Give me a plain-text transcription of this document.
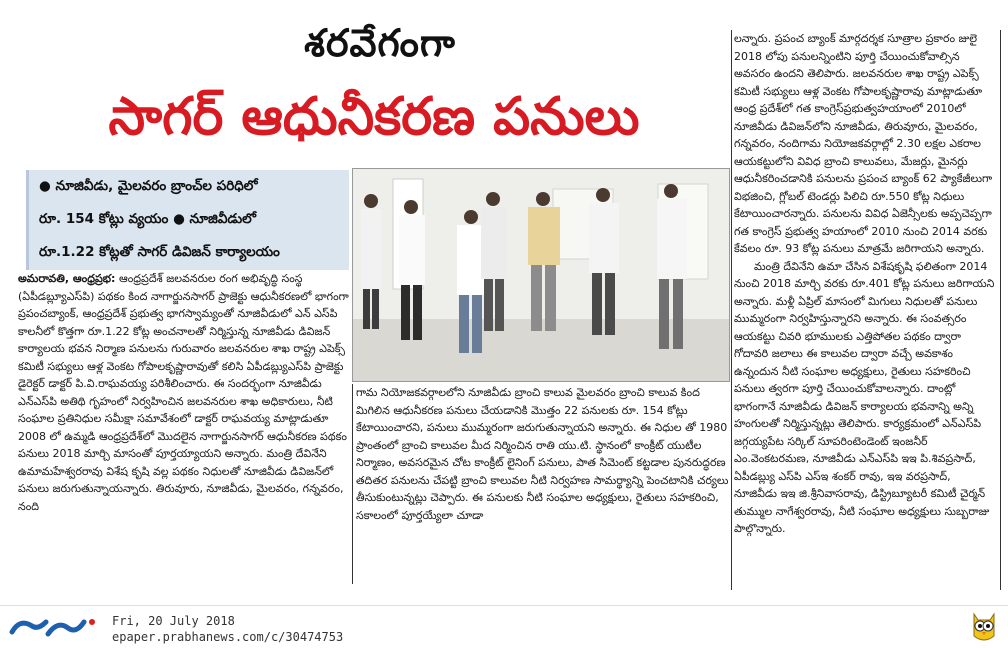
శరవేగంగా
సాగర్ ఆధునీకరణ పనులు
● నూజివీడు, మైలవరం బ్రాంచ్‌ల పరిధిలో
రూ. 154 కోట్లు వ్యయం ● నూజివీడులో
రూ.1.22 కోట్లతో సాగర్ డివిజన్ కార్యాలయం

అమరావతి, ఆంధ్రప్రభ: ఆంధ్రప్రదేశ్ జలవనరుల రంగ అభివృద్ధి సంస్థ (ఏపీడబ్ల్యూఎస్‌పి) పథకం కింద నాగార్జునసాగర్ ప్రాజెక్టు ఆధునీకరణలో భాగంగా ప్రపంచబ్యాంక్, ఆంధ్రప్రదేశ్ ప్రభుత్వ భాగస్వామ్యంతో నూజివీడులో ఎన్ ఎస్‌పి కాలనీలో కొత్తగా రూ.1.22 కోట్ల అంచనాలతో నిర్మిస్తున్న నూజివీడు డివిజన్ కార్యాలయ భవన నిర్మాణ పనులను గురువారం జలవనరుల శాఖ రాష్ట్ర ఎపెక్స్ కమిటీ సభ్యులు ఆళ్ల వెంకట గోపాలకృష్ణారావుతో కలిసి ఏపీడబ్ల్యుఎస్‌పి ప్రాజెక్టు డైరెక్టర్ డాక్టర్ పి.వి.రాఘవయ్య పరిశీలించారు. ఈ సందర్భంగా నూజివీడు ఎన్ఎస్‌పి అతిథి గృహంలో నిర్వహించిన జలవనరుల శాఖ అధికారులు, నీటి సంఘాల ప్రతినిధుల సమీక్షా సమావేశంలో డాక్టర్ రాఘవయ్య మాట్లాడుతూ 2008 లో ఉమ్మడి ఆంధ్రప్రదేశ్‌లో మొదలైన నాగార్జునసాగర్ ఆధునీకరణ పథకం పనులు 2018 మార్చి మాసంతో పూర్తయ్యాయని అన్నారు. మంత్రి దేవినేని ఉమామహేశ్వరరావు విశేష కృషి వల్ల పథకం నిధులతో నూజివీడు డివిజన్‌లో పనులు జరుగుతున్నాయన్నారు. తిరువూరు, నూజివీడు, మైలవరం, గన్నవరం, నంది

గామ నియోజకవర్గాలలోని నూజివీడు బ్రాంచి కాలువ మైలవరం బ్రాంచి కాలువ కింద మిగిలిన ఆధునీకరణ పనులు చేయడానికి మొత్తం 22 పనులకు రూ. 154 కోట్లు కేటాయించారని, పనులు ముమ్మరంగా జరుగుతున్నాయని అన్నారు. ఈ నిధుల తో 1980 ప్రాంతంలో బ్రాంచి కాలువల మీద నిర్మించిన రాతి యు.టి. స్థానంలో కాంక్రీట్ యుటీల నిర్మాణం, అవసరమైన చోట కాంక్రీట్ లైనింగ్ పనులు, పాత సిమెంట్ కట్టడాల పునరుద్ధరణ తదితర పనులను చేపట్టి బ్రాంచి కాలువల నీటి నిర్వహణ సామర్థ్యాన్ని పెంచటానికి చర్యలు తీసుకుంటున్నట్లు చెప్పారు. ఈ పనులకు నీటి సంఘాల అధ్యక్షులు, రైతులు సహకరించి, సకాలంలో పూర్తయ్యేలా చూడా

లన్నారు. ప్రపంచ బ్యాంక్ మార్గదర్శక సూత్రాల ప్రకారం జులై 2018 లోపు పనులన్నింటిని పూర్తి చేయించుకోవాల్సిన అవసరం ఉందని తెలిపారు. జలవనరుల శాఖ రాష్ట్ర ఎపెక్స్ కమిటీ సభ్యులు ఆళ్ల వెంకట గోపాలకృష్ణారావు మాట్లాడుతూ ఆంధ్ర ప్రదేశ్‌లో గత కాంగ్రెస్‌ప్రభుత్వహయాంలో 2010లో నూజివీడు డివిజన్‌లోని నూజివీడు, తిరువూరు, మైలవరం, గన్నవరం, నందిగామ నియోజకవర్గాల్లో 2.30 లక్షల ఎకరాల ఆయకట్టులోని వివిధ బ్రాంచి కాలువలు, మేజర్లు, మైనర్లు ఆధునీకరించడానికి పనులను ప్రపంచ బ్యాంక్ 62 ప్యాకేజీలుగా విభజించి, గ్లోబల్ టెండర్లు పిలిచి రూ.550 కోట్ల నిధులు కేటాయించారన్నారు. పనులను వివిధ ఏజెన్సీలకు అప్పచెప్పగా గత కాంగ్రెస్ ప్రభుత్వ హయాంలో 2010 నుంచి 2014 వరకు కేవలం రూ. 93 కోట్ల పనులు మాత్రమే జరిగాయని అన్నారు.

మంత్రి దేవినేని ఉమా చేసిన విశేషకృషి ఫలితంగా 2014 నుంచి 2018 మార్చి వరకు రూ.401 కోట్ల పనులు జరిగాయని అన్నారు. మళ్లీ ఏప్రిల్ మాసంలో మిగులు నిధులతో పనులు ముమ్మరంగా నిర్వహిస్తున్నారని అన్నారు. ఈ సంవత్సరం ఆయకట్టు చివరి భూములకు ఎత్తిపోతల పథకం ద్వారా గోదావరి జలాలు ఈ కాలువల ద్వారా వచ్చే అవకాశం ఉన్నందున నీటి సంఘాల అధ్యక్షులు, రైతులు సహకరించి పనులు త్వరగా పూర్తి చేయించుకోవాలన్నారు. దాంట్లో భాగంగానే నూజివీడు డివిజన్ కార్యాలయ భవనాన్ని అన్ని హంగులతో నిర్మిస్తున్నట్లు తెలిపారు. కార్యక్రమంలో ఎన్ఎస్‌పి జగ్గయ్యపేట సర్కిల్ సూపరింటెండెంట్ ఇంజనీర్ ఎం.వెంకటరమణ, నూజివీడు ఎన్ఎస్‌పి ఇఇ పి.శివప్రసాద్, ఏపీడబ్ల్యు ఎస్‌పి ఎస్ఇ శంకర్ రావు, ఇఇ వరప్రసాద్, నూజివీడు ఇఇ జి.శ్రీనివాసరావు, డిస్ట్రిబ్యూటరీ కమిటీ చైర్మన్ తుమ్ముల నాగేశ్వరరావు, నీటి సంఘాల అధ్యక్షులు సుబ్బరాజు పాల్గొన్నారు.

Fri, 20 July 2018
epaper.prabhanews.com/c/30474753
